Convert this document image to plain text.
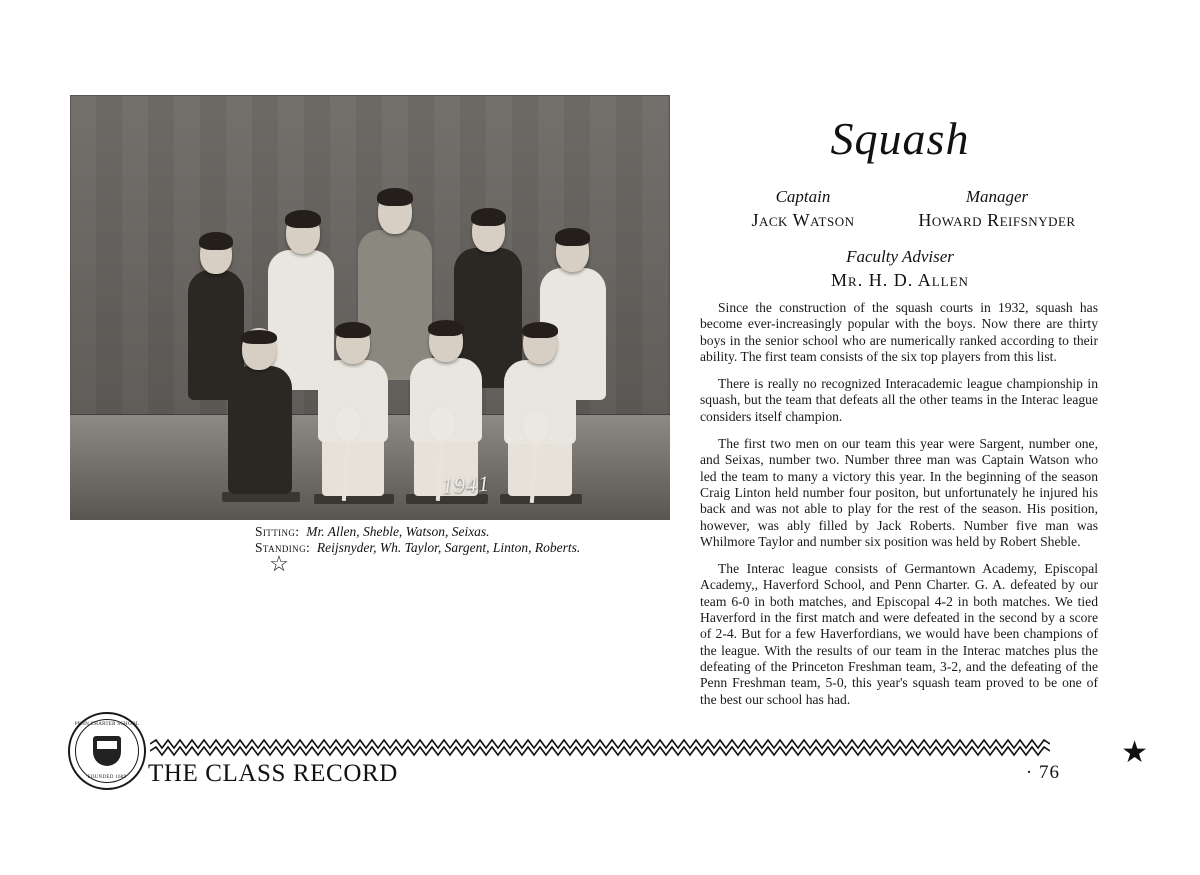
1941
Sitting: Mr. Allen, Sheble, Watson, Seixas.
Standing: Reijsnyder, Wh. Taylor, Sargent, Linton, Roberts.
☆
Squash
Captain
Jack Watson
Manager
Howard Reifsnyder
Faculty Adviser
Mr. H. D. Allen

Since the construction of the squash courts in 1932, squash has become ever-increasingly popular with the boys. Now there are thirty boys in the senior school who are numerically ranked according to their ability. The first team consists of the six top players from this list.

There is really no recognized Interacademic league championship in squash, but the team that defeats all the other teams in the Interac league considers itself champion.

The first two men on our team this year were Sargent, number one, and Seixas, number two. Number three man was Captain Watson who led the team to many a victory this year. In the beginning of the season Craig Linton held number four positon, but unfortunately he injured his back and was not able to play for the rest of the season. His position, however, was ably filled by Jack Roberts. Number five man was Whilmore Taylor and number six position was held by Robert Sheble.

The Interac league consists of Germantown Academy, Episcopal Academy,, Haverford School, and Penn Charter. G. A. defeated by our team 6-0 in both matches, and Episcopal 4-2 in both matches. We tied Haverford in the first match and were defeated in the second by a score of 2-4. But for a few Haverfordians, we would have been champions of the league. With the results of our team in the Interac matches plus the defeating of the Princeton Freshman team, 3-2, and the defeating of the Penn Freshman team, 5-0, this year's squash team proved to be one of the best our school has had.

PENN CHARTER SCHOOL
FOUNDED 1689 THE CLASS RECORD	· 76
★
